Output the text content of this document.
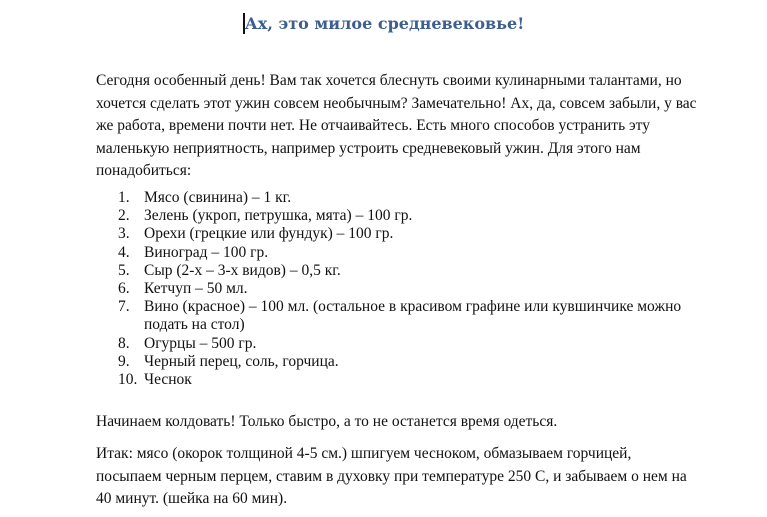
Ах, это милое средневековье!

Сегодня особенный день! Вам так хочется блеснуть своими кулинарными талантами, но
хочется сделать этот ужин совсем необычным? Замечательно! Ах, да, совсем забыли, у вас
же работа, времени почти нет. Не отчаивайтесь. Есть много способов устранить эту
маленькую неприятность, например устроить средневековый ужин. Для этого нам
понадобиться:

1. Мясо (свинина) – 1 кг.
2. Зелень (укроп, петрушка, мята) – 100 гр.
3. Орехи (грецкие или фундук) – 100 гр.
4. Виноград – 100 гр.
5. Сыр (2-х – 3-х видов) – 0,5 кг.
6. Кетчуп – 50 мл.
7. Вино (красное) – 100 мл. (остальное в красивом графине или кувшинчике можно
подать на стол)
8. Огурцы – 500 гр.
9. Черный перец, соль, горчица.
10. Чеснок

Начинаем колдовать! Только быстро, а то не останется время одеться.

Итак: мясо (окорок толщиной 4-5 см.) шпигуем чесноком, обмазываем горчицей,
посыпаем черным перцем, ставим в духовку при температуре 250 С, и забываем о нем на
40 минут. (шейка на 60 мин).
